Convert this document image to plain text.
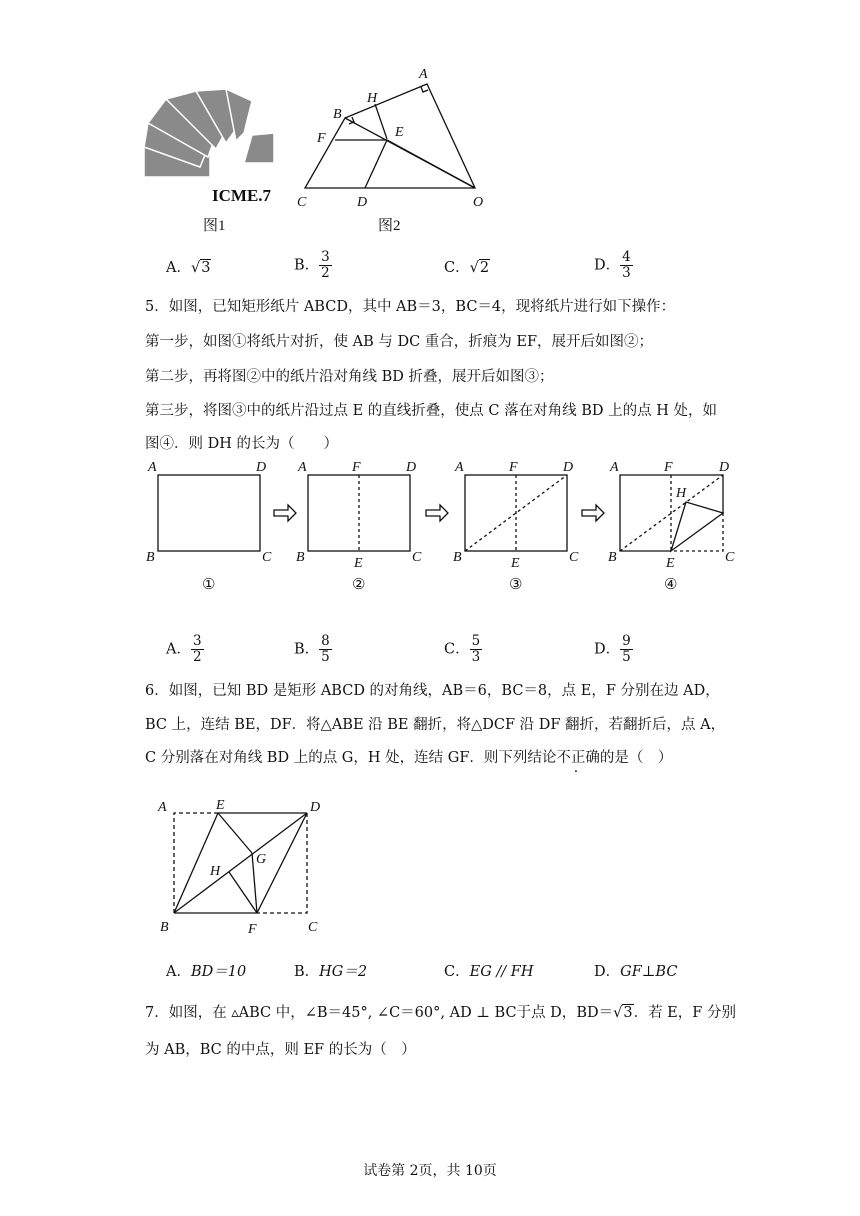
ICME.7
图1
A
H
B
E
F
C	D	O
图2
A．√3	B． $\frac{3}{2}$	C．√2	D． $\frac{4}{3}$
5．如图，已知矩形纸片 ABCD，其中 AB＝3，BC＝4，现将纸片进行如下操作：
第一步，如图①将纸片对折，使 AB 与 DC 重合，折痕为 EF，展开后如图②；
第二步，再将图②中的纸片沿对角线 BD 折叠，展开后如图③；
第三步，将图③中的纸片沿过点 E 的直线折叠，使点 C 落在对角线 BD 上的点 H 处，如
图④．则 DH 的长为（　　）
A	D
B	C
A	F	D
B	E	C
A	F	D
B	E	C
A	F	D
H
B	E	C
①	②	③	④
A． $\frac{3}{2}$	B． $\frac{8}{5}$	C． $\frac{5}{3}$	D． $\frac{9}{5}$
6．如图，已知 BD 是矩形 ABCD 的对角线，AB＝6，BC＝8，点 E，F 分别在边 AD，
BC 上，连结 BE，DF．将△ABE 沿 BE 翻折，将△DCF 沿 DF 翻折，若翻折后，点 A，
C 分别落在对角线 BD 上的点 G，H 处，连结 GF．则下列结论不正确的是（　）
A	E	D
G
H
B	F	C
A．BD＝10	B．HG＝2	C．EG // FH	D．GF⊥BC
7．如图，在 ▵ABC 中，∠B＝45°, ∠C＝60°, AD ⊥ BC于点 D，BD＝√3．若 E，F 分别
为 AB，BC 的中点，则 EF 的长为（　）
试卷第 2页，共 10页
